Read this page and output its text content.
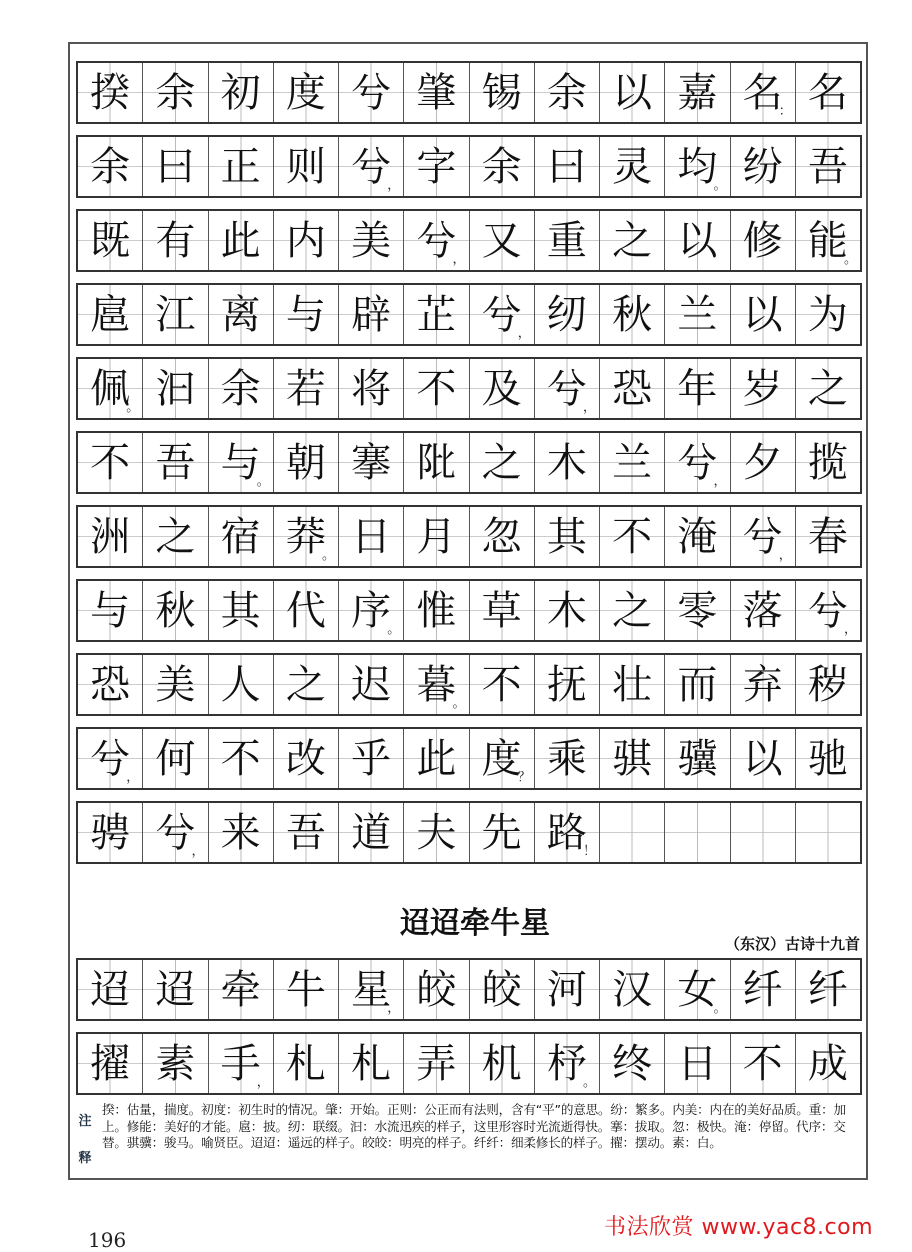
揆 余 初 度 兮 肇 锡 余 以 嘉 名
： 名
余 曰 正 则 兮
， 字 余 曰 灵 均
。 纷 吾
既 有 此 内 美 兮
， 又 重 之 以 修 能
。
扈 江 离 与 辟 芷 兮
， 纫 秋 兰 以 为
佩
。 汩 余 若 将 不 及 兮
， 恐 年 岁 之
不 吾 与
。 朝 搴 阰 之 木 兰 兮
， 夕 揽
洲 之 宿 莽
。 日 月 忽 其 不 淹 兮
， 春
与 秋 其 代 序
。 惟 草 木 之 零 落 兮
，
恐 美 人 之 迟 暮
。 不 抚 壮 而 弃 秽
兮
， 何 不 改 乎 此 度
？ 乘 骐 骥 以 驰
骋 兮
， 来 吾 道 夫 先 路
！
迢迢牵牛星
（东汉）古诗十九首
迢 迢 牵 牛 星
， 皎 皎 河 汉 女
。 纤 纤
擢 素 手
， 札 札 弄 机 杼
。 终 日 不 成
注
释
揆：估量，揣度。初度：初生时的情况。肇：开始。正则：公正而有法则，含有“平”的意思。纷：繁多。内美：内在的美好品质。重：加上。修能：美好的才能。扈：披。纫：联缀。汩：水流迅疾的样子，这里形容时光流逝得快。搴：拔取。忽：极快。淹：停留。代序：交替。骐骥：骏马。喻贤臣。迢迢：遥远的样子。皎皎：明亮的样子。纤纤：细柔修长的样子。擢：摆动。素：白。
196	书法欣赏 www.yac8.com
